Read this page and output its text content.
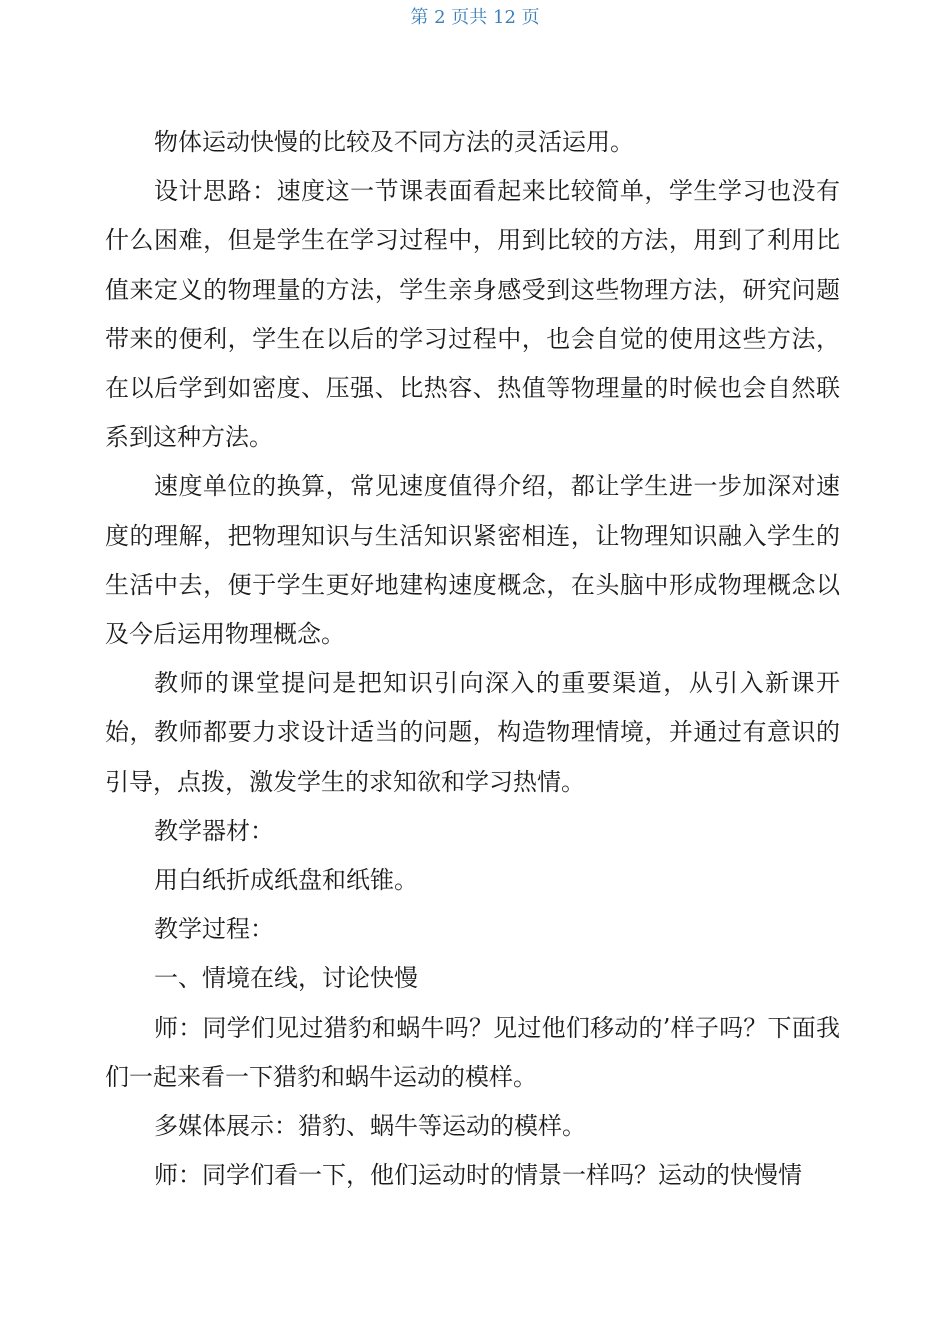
第 2 页共 12 页

物体运动快慢的比较及不同方法的灵活运用。

设计思路：速度这一节课表面看起来比较简单，学生学习也没有什么困难，但是学生在学习过程中，用到比较的方法，用到了利用比值来定义的物理量的方法，学生亲身感受到这些物理方法，研究问题带来的便利，学生在以后的学习过程中，也会自觉的使用这些方法，在以后学到如密度、压强、比热容、热值等物理量的时候也会自然联系到这种方法。

速度单位的换算，常见速度值得介绍，都让学生进一步加深对速度的理解，把物理知识与生活知识紧密相连，让物理知识融入学生的生活中去，便于学生更好地建构速度概念，在头脑中形成物理概念以及今后运用物理概念。

教师的课堂提问是把知识引向深入的重要渠道，从引入新课开始，教师都要力求设计适当的问题，构造物理情境，并通过有意识的引导，点拨，激发学生的求知欲和学习热情。

教学器材：

用白纸折成纸盘和纸锥。

教学过程：

一、情境在线，讨论快慢

师：同学们见过猎豹和蜗牛吗？见过他们移动的’样子吗？下面我们一起来看一下猎豹和蜗牛运动的模样。

多媒体展示：猎豹、蜗牛等运动的模样。

师：同学们看一下，他们运动时的情景一样吗？运动的快慢情
